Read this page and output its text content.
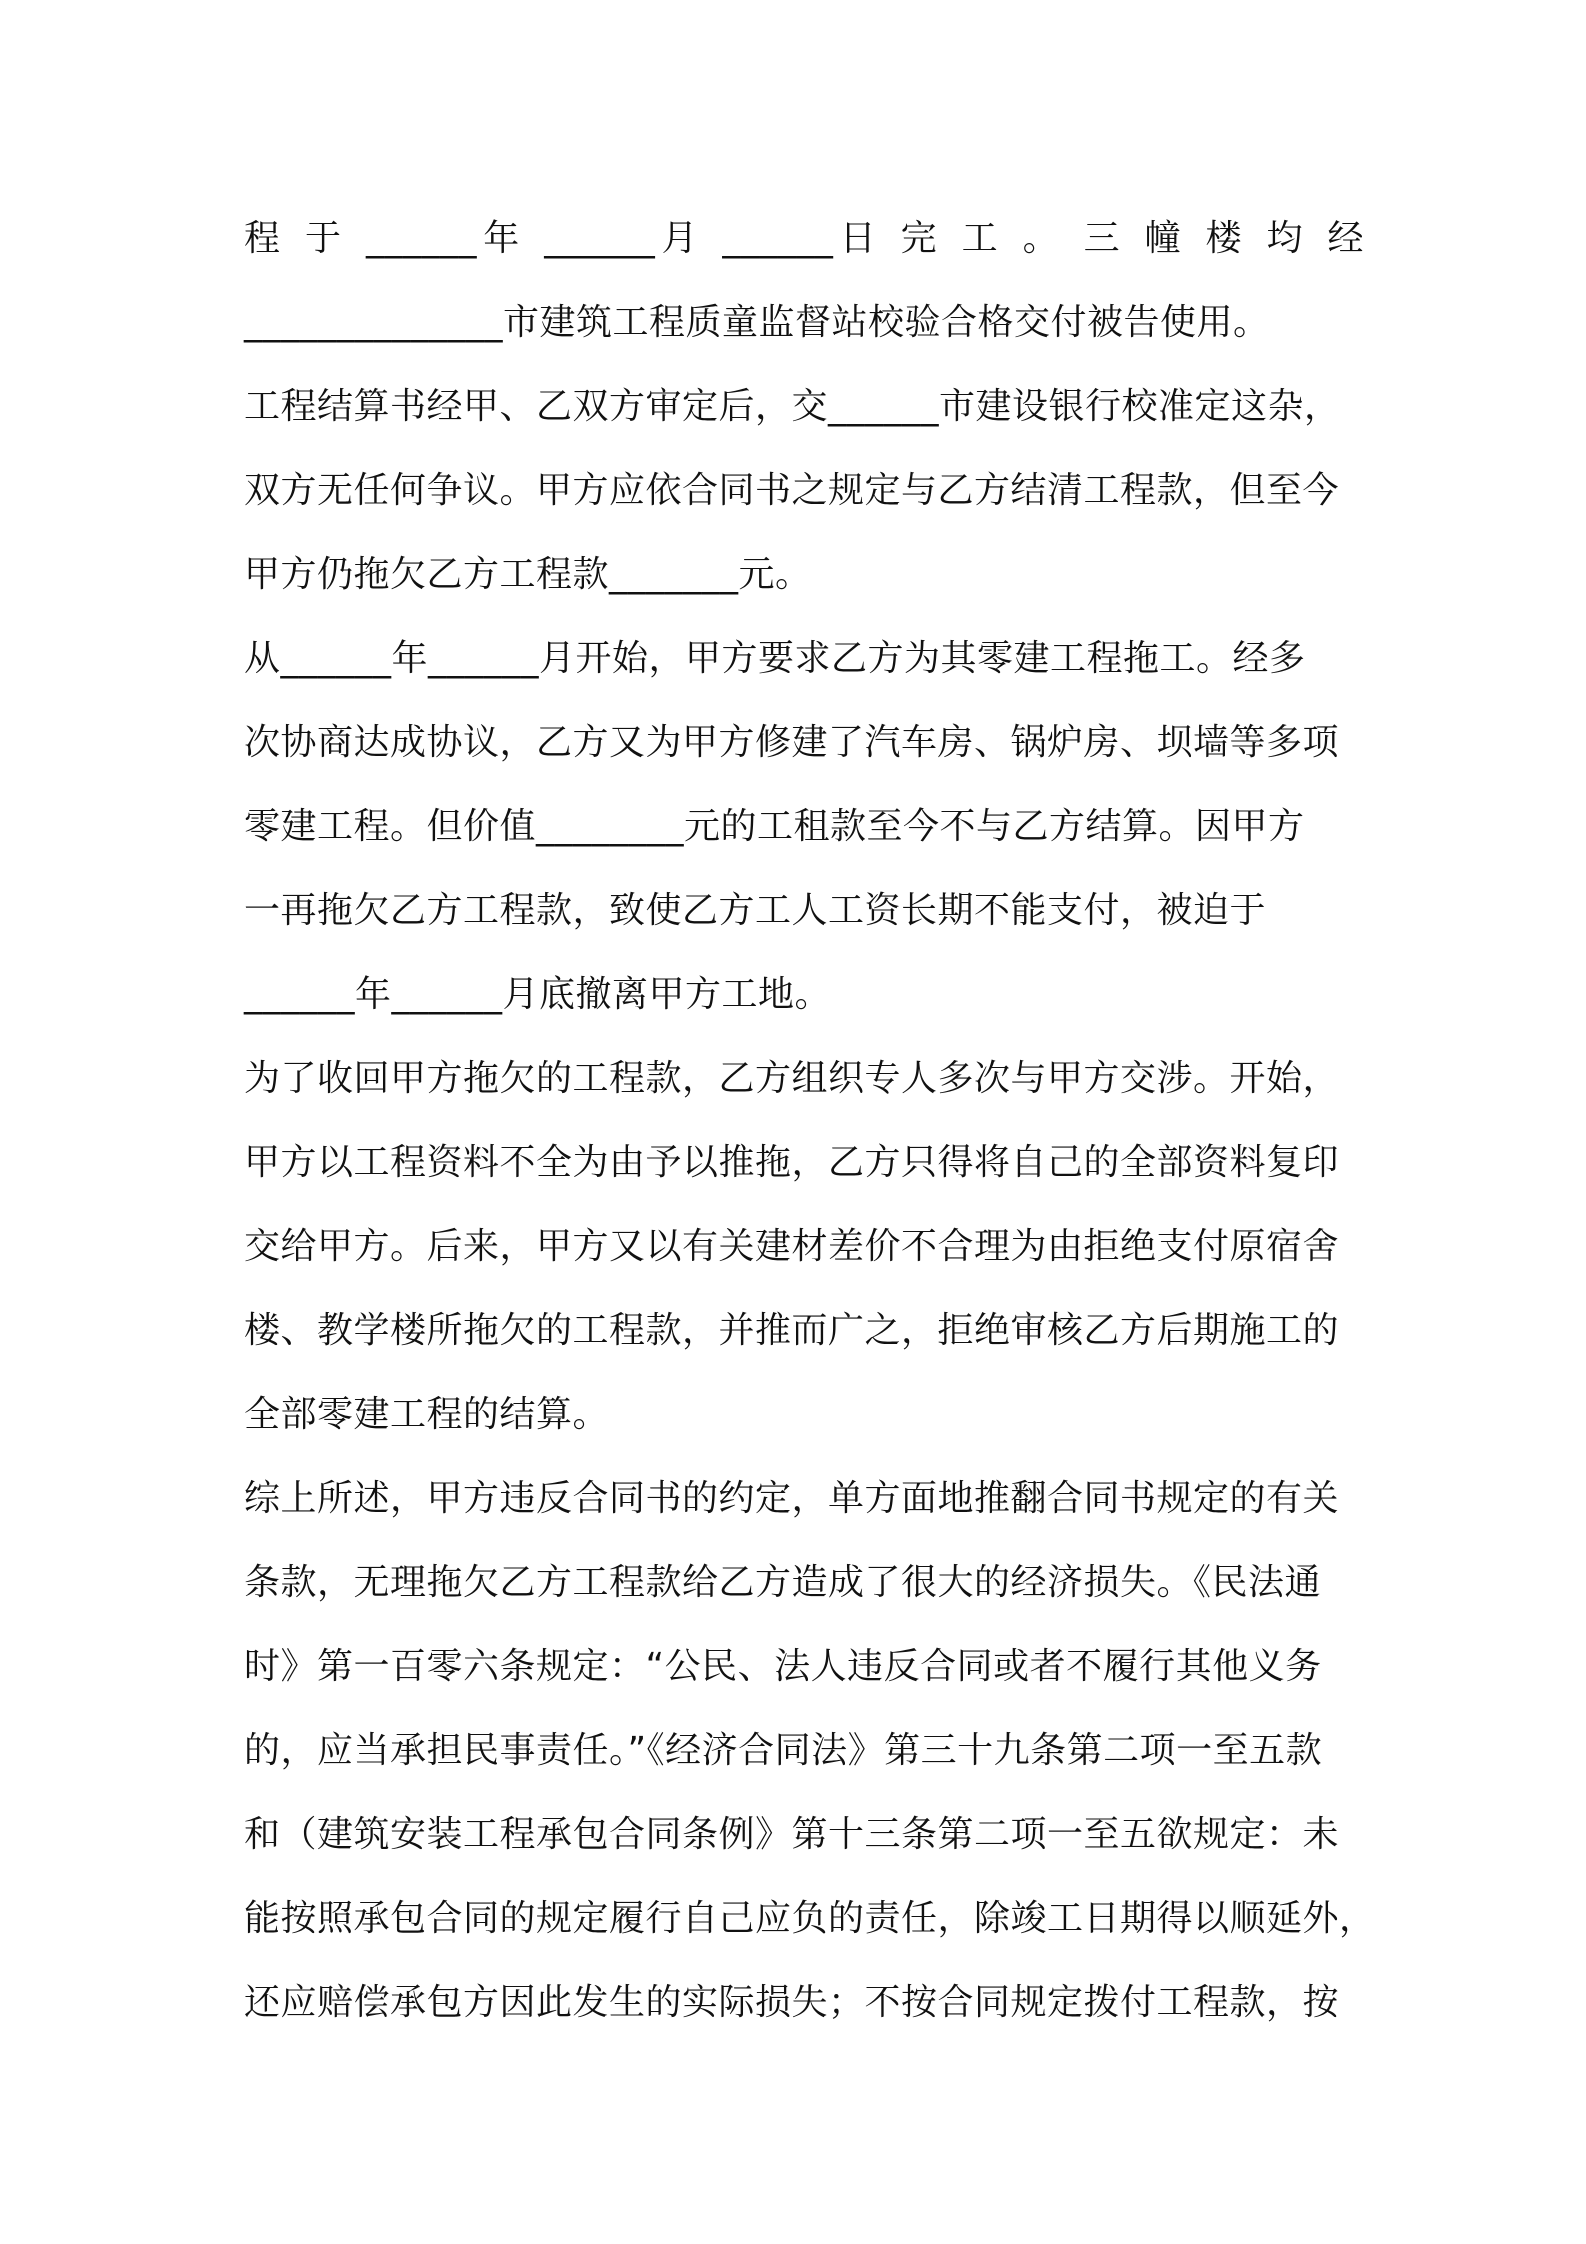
程 于 ______年 ______月 ______日 完 工 。 三 幢 楼 均 经
______________市建筑工程质童监督站校验合格交付被告使用。
工程结算书经甲、乙双方审定后，交______市建设银行校准定这杂，
双方无任何争议。甲方应依合同书之规定与乙方结清工程款，但至今
甲方仍拖欠乙方工程款_______元。
从______年______月开始，甲方要求乙方为其零建工程拖工。经多
次协商达成协议，乙方又为甲方修建了汽车房、锅炉房、坝墙等多项
零建工程。但价值________元的工租款至今不与乙方结算。因甲方
一再拖欠乙方工程款，致使乙方工人工资长期不能支付，被迫于
______年______月底撤离甲方工地。
为了收回甲方拖欠的工程款，乙方组织专人多次与甲方交涉。开始，
甲方以工程资料不全为由予以推拖，乙方只得将自己的全部资料复印
交给甲方。后来，甲方又以有关建材差价不合理为由拒绝支付原宿舍
楼、教学楼所拖欠的工程款，并推而广之，拒绝审核乙方后期施工的
全部零建工程的结算。
综上所述，甲方违反合同书的约定，单方面地推翻合同书规定的有关
条款，无理拖欠乙方工程款给乙方造成了很大的经济损失。《民法通
时》第一百零六条规定：“公民、法人违反合同或者不履行其他义务
的，应当承担民事责任。”《经济合同法》第三十九条第二项一至五款
和（建筑安装工程承包合同条例》第十三条第二项一至五欲规定：未
能按照承包合同的规定履行自己应负的责任，除竣工日期得以顺延外，
还应赔偿承包方因此发生的实际损失；不按合同规定拨付工程款，按
